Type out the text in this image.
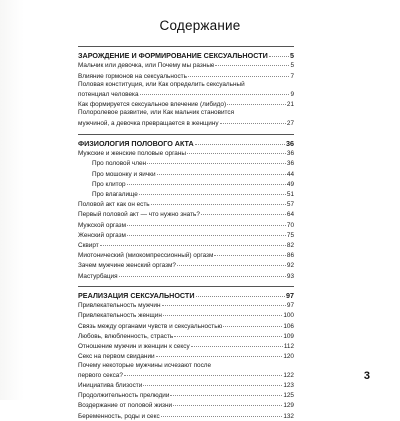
Содержание
ЗАРОЖДЕНИЕ И ФОРМИРОВАНИЕ СЕКСУАЛЬНОСТИ	5
Мальчик или девочка, или Почему мы разные	5
Влияние гормонов на сексуальность	7
Половая конституция, или Как определить сексуальный
потенциал человека	9
Как формируется сексуальное влечение (либидо)	21
Полоролевое развитие, или Как мальчик становится
мужчиной, а девочка превращается в женщину	27
ФИЗИОЛОГИЯ ПОЛОВОГО АКТА	36
Мужские и женские половые органы	36
Про половой член	36
Про мошонку и яички	44
Про клитор	49
Про влагалище	51
Половой акт как он есть	57
Первый половой акт — что нужно знать?	64
Мужской оргазм	70
Женский оргазм	75
Сквирт	82
Миотонический (миокомпрессионный) оргазм	86
Зачем мужчине женский оргазм?	92
Мастурбация	93
РЕАЛИЗАЦИЯ СЕКСУАЛЬНОСТИ	97
Привлекательность мужчин	97
Привлекательность женщин	100
Связь между органами чувств и сексуальностью	106
Любовь, влюбленность, страсть	109
Отношение мужчин и женщин к сексу	112
Секс на первом свидании	120
Почему некоторые мужчины исчезают после
первого секса?	122
Инициатива близости	123
Продолжительность прелюдии	125
Воздержание от половой жизни	129
Беременность, роды и секс	132
3
